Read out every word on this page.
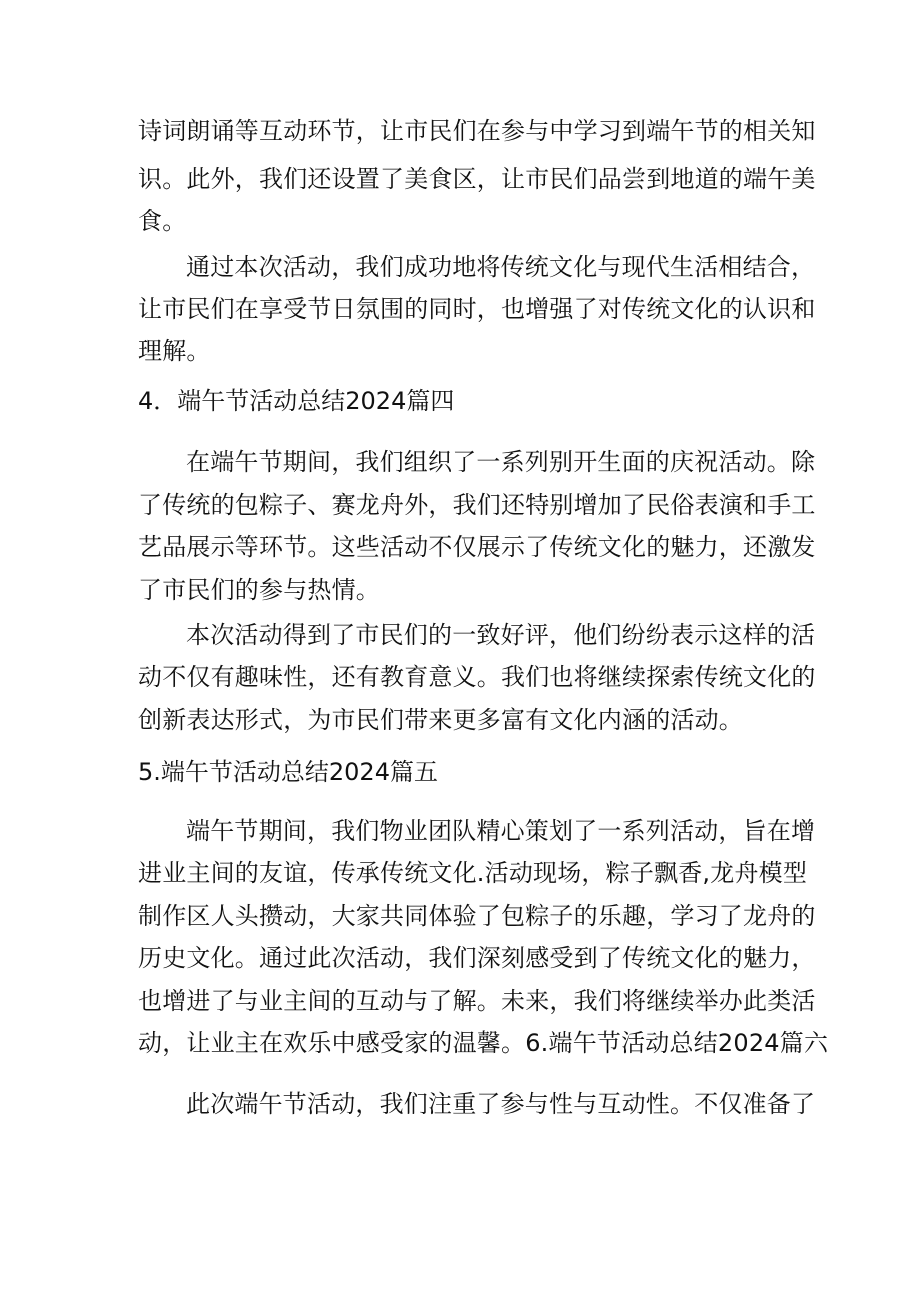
诗词朗诵等互动环节，让市民们在参与中学习到端午节的相关知
识。此外，我们还设置了美食区，让市民们品尝到地道的端午美
食。
通过本次活动，我们成功地将传统文化与现代生活相结合，
让市民们在享受节日氛围的同时，也增强了对传统文化的认识和
理解。
4．端午节活动总结2024篇四
在端午节期间，我们组织了一系列别开生面的庆祝活动。除
了传统的包粽子、赛龙舟外，我们还特别增加了民俗表演和手工
艺品展示等环节。这些活动不仅展示了传统文化的魅力，还激发
了市民们的参与热情。
本次活动得到了市民们的一致好评，他们纷纷表示这样的活
动不仅有趣味性，还有教育意义。我们也将继续探索传统文化的
创新表达形式，为市民们带来更多富有文化内涵的活动。
5.端午节活动总结2024篇五
端午节期间，我们物业团队精心策划了一系列活动，旨在增
进业主间的友谊，传承传统文化.活动现场，粽子飘香,龙舟模型
制作区人头攒动，大家共同体验了包粽子的乐趣，学习了龙舟的
历史文化。通过此次活动，我们深刻感受到了传统文化的魅力，
也增进了与业主间的互动与了解。未来，我们将继续举办此类活
动，让业主在欢乐中感受家的温馨。6.端午节活动总结2024篇六
此次端午节活动，我们注重了参与性与互动性。不仅准备了
